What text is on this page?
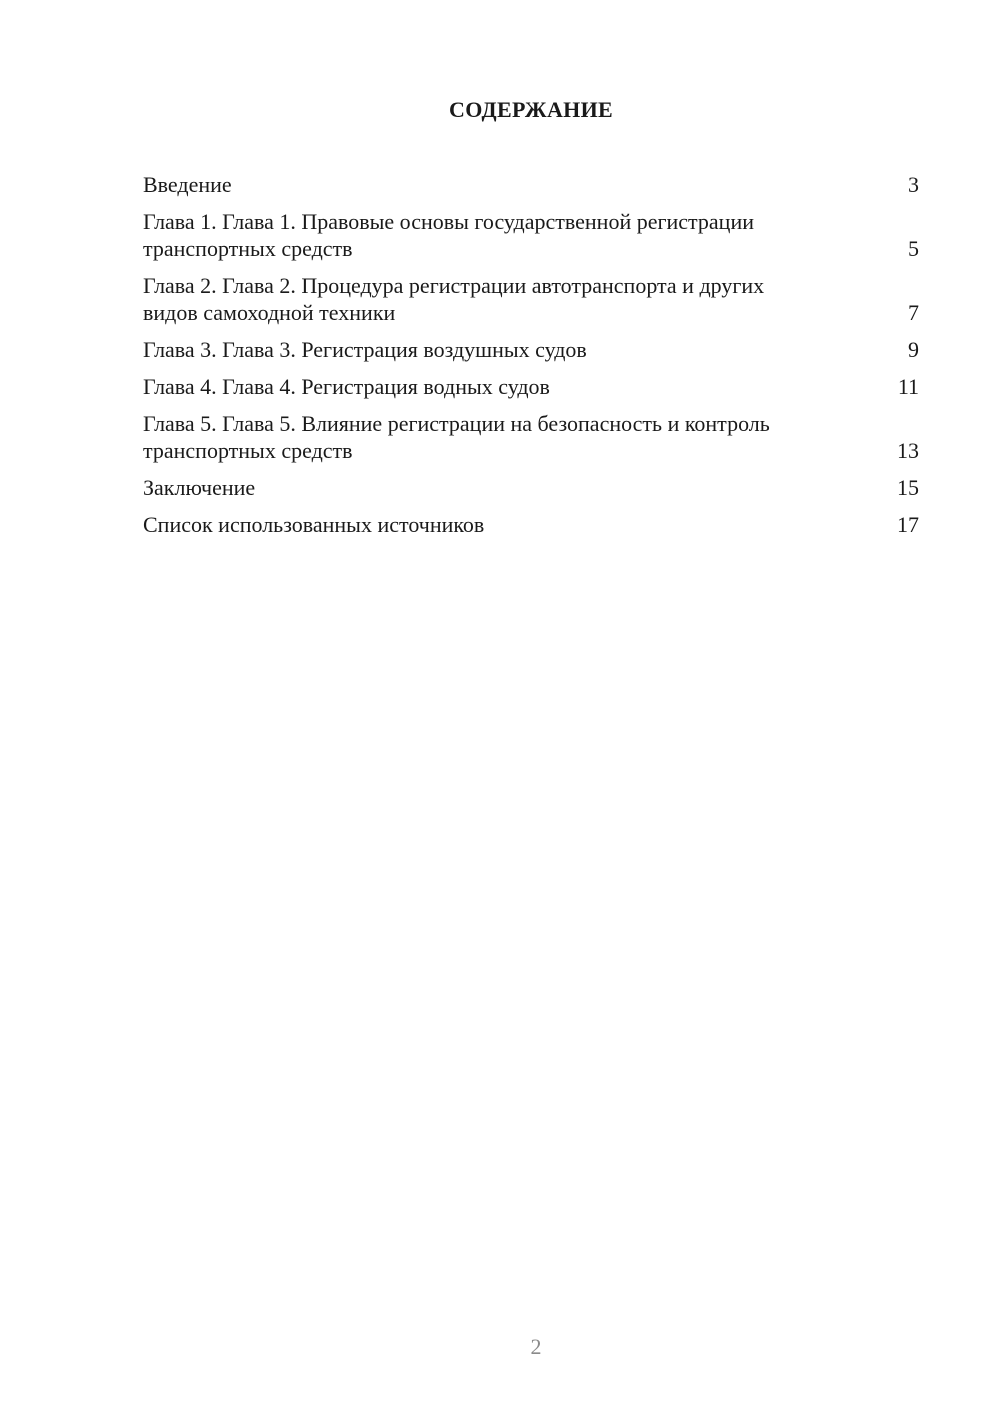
СОДЕРЖАНИЕ
Введение	3
Глава 1. Глава 1. Правовые основы государственной регистрации транспортных средств	5
Глава 2. Глава 2. Процедура регистрации автотранспорта и других видов самоходной техники	7
Глава 3. Глава 3. Регистрация воздушных судов	9
Глава 4. Глава 4. Регистрация водных судов	11
Глава 5. Глава 5. Влияние регистрации на безопасность и контроль транспортных средств	13
Заключение	15
Список использованных источников	17
2
